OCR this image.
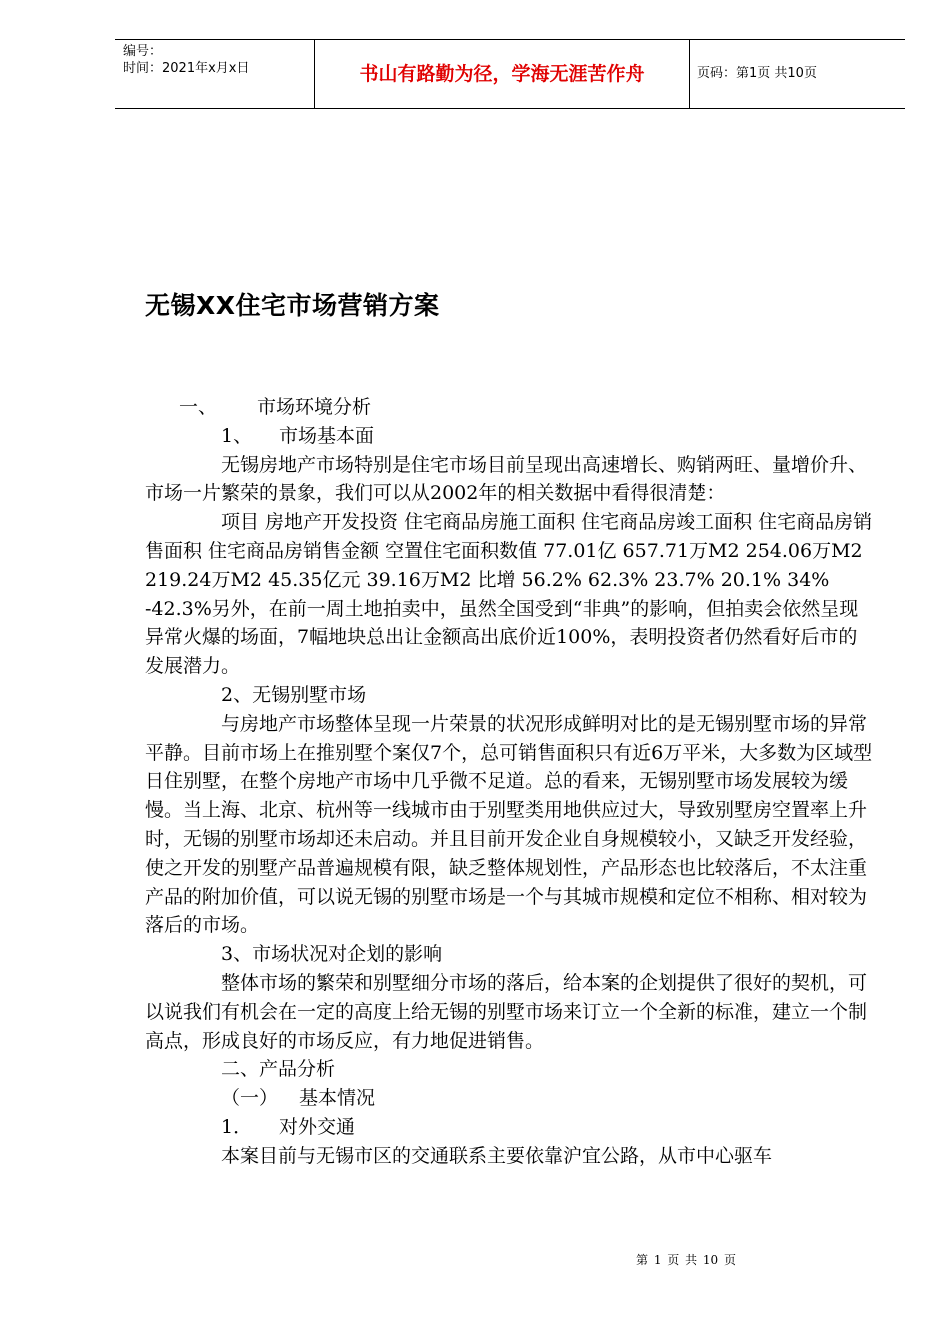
编号：
时间：2021年x月x日	书山有路勤为径，学海无涯苦作舟	页码：第1页 共10页
无锡XX住宅市场营销方案

一、 市场环境分析

1、 市场基本面

无锡房地产市场特别是住宅市场目前呈现出高速增长、购销两旺、量增价升、市场一片繁荣的景象，我们可以从2002年的相关数据中看得很清楚：

项目 房地产开发投资 住宅商品房施工面积 住宅商品房竣工面积 住宅商品房销售面积 住宅商品房销售金额 空置住宅面积数值 77.01亿 657.71万M2 254.06万M2 219.24万M2 45.35亿元 39.16万M2 比增 56.2% 62.3% 23.7% 20.1% 34% -42.3%另外，在前一周土地拍卖中，虽然全国受到“非典”的影响，但拍卖会依然呈现异常火爆的场面，7幅地块总出让金额高出底价近100%，表明投资者仍然看好后市的发展潜力。

2、无锡别墅市场

与房地产市场整体呈现一片荣景的状况形成鲜明对比的是无锡别墅市场的异常平静。目前市场上在推别墅个案仅7个，总可销售面积只有近6万平米，大多数为区域型日住别墅，在整个房地产市场中几乎微不足道。总的看来，无锡别墅市场发展较为缓慢。当上海、北京、杭州等一线城市由于别墅类用地供应过大，导致别墅房空置率上升时，无锡的别墅市场却还未启动。并且目前开发企业自身规模较小，又缺乏开发经验，使之开发的别墅产品普遍规模有限，缺乏整体规划性，产品形态也比较落后，不太注重产品的附加价值，可以说无锡的别墅市场是一个与其城市规模和定位不相称、相对较为落后的市场。

3、市场状况对企划的影响

整体市场的繁荣和别墅细分市场的落后，给本案的企划提供了很好的契机，可以说我们有机会在一定的高度上给无锡的别墅市场来订立一个全新的标准，建立一个制高点，形成良好的市场反应，有力地促进销售。

二、产品分析

（一） 基本情况

1． 对外交通

本案目前与无锡市区的交通联系主要依靠沪宜公路，从市中心驱车

第 1 页 共 10 页
